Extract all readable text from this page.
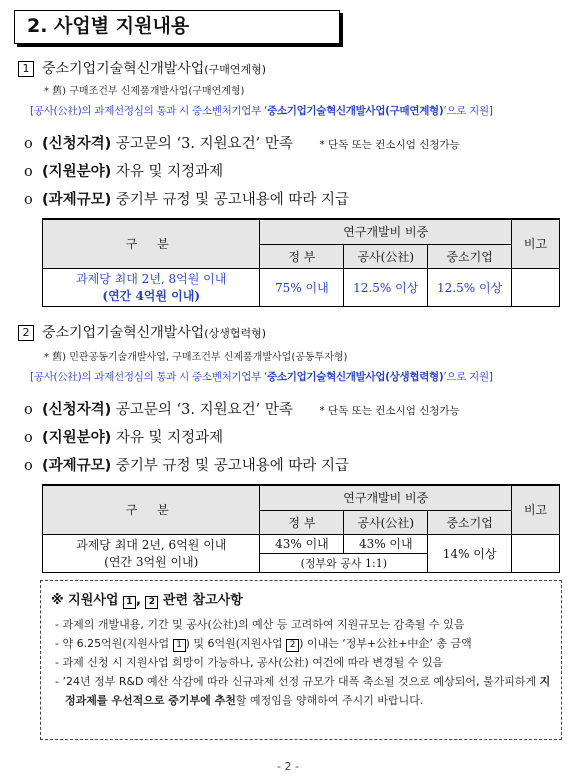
2. 사업별 지원내용
1 중소기업기술혁신개발사업(구매연계형)
* 舊) 구매조건부 신제품개발사업(구매연계형)
[공사(公社)의 과제선정심의 통과 시 중소벤처기업부 ‘중소기업기술혁신개발사업(구매연계형)’으로 지원]
o (신청자격) 공고문의 ‘3. 지원요건’ 만족	* 단독 또는 컨소시엄 신청가능
o (지원분야) 자유 및 지정과제
o (과제규모) 중기부 규정 및 공고내용에 따라 지급
구 분	연구개발비 비중			비고
	정 부	공사(公社)	중소기업	

과제당 최대 2년, 8억원 이내
(연간 4억원 이내)	75% 이내	12.5% 이상	12.5% 이상	
2 중소기업기술혁신개발사업(상생협력형)
* 舊) 민관공동기술개발사업, 구매조건부 신제품개발사업(공동투자형)
[공사(公社)의 과제선정심의 통과 시 중소벤처기업부 ‘중소기업기술혁신개발사업(상생협력형)’으로 지원]
o (신청자격) 공고문의 ‘3. 지원요건’ 만족	* 단독 또는 컨소시엄 신청가능
o (지원분야) 자유 및 지정과제
o (과제규모) 중기부 규정 및 공고내용에 따라 지급
구 분	연구개발비 비중			비고
	정 부	공사(公社)	중소기업	

과제당 최대 2년, 6억원 이내
(연간 3억원 이내)	43% 이내	43% 이내	14% 이상	
	(정부와 공사 1:1)			
※ 지원사업 1 , 2 관련 참고사항
- 과제의 개발내용, 기간 및 공사(公社)의 예산 등 고려하여 지원규모는 감축될 수 있음
- 약 6.25억원(지원사업 1 ) 및 6억원(지원사업 2 ) 이내는 ‘정부+公社+中企’ 총 금액
- 과제 신청 시 지원사업 희망이 가능하나, 공사(公社) 여건에 따라 변경될 수 있음
- ’24년 정부 R&D 예산 삭감에 따라 신규과제 선정 규모가 대폭 축소될 것으로 예상되어, 불가피하게 지정과제를 우선적으로 중기부에 추천할 예정임을 양해하여 주시기 바랍니다.
- 2 -
